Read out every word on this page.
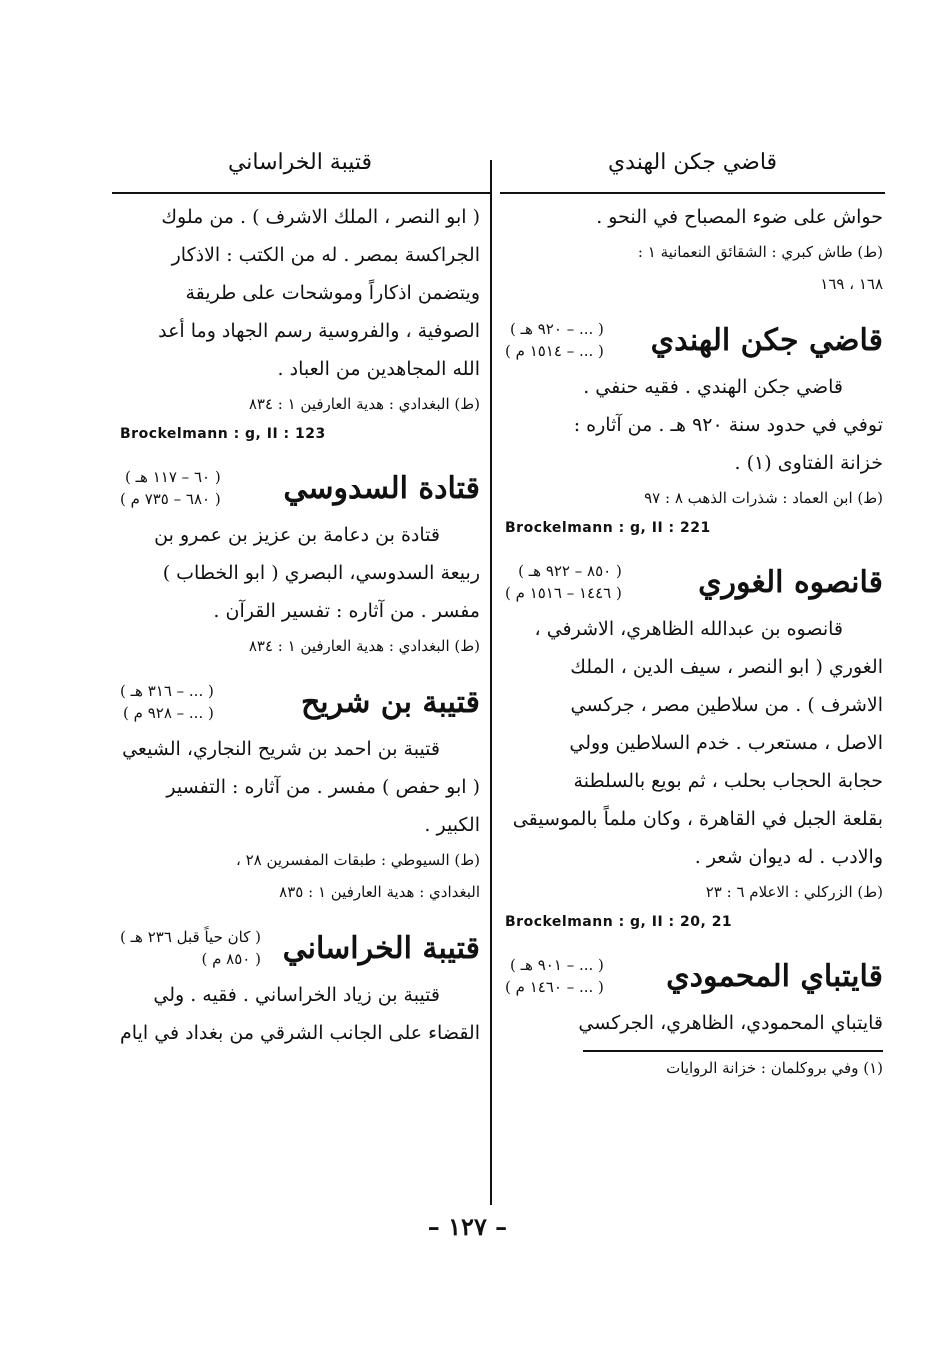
قاضي جكن الهندي
قتيبة الخراساني
حواش على ضوء المصباح في النحو .
(ط) طاش كبري : الشقائق النعمانية ١ :
١٦٨ ، ١٦٩
قاضي جكن الهندي
( ... – ٩٢٠ هـ )
( ... – ١٥١٤ م )
قاضي جكن الهندي . فقيه حنفي .
توفي في حدود سنة ٩٢٠ هـ . من آثاره :
خزانة الفتاوى (١) .
(ط) ابن العماد : شذرات الذهب ٨ : ٩٧
Brockelmann : g, II : 221
قانصوه الغوري
( ٨٥٠ – ٩٢٢ هـ )
( ١٤٤٦ – ١٥١٦ م )
قانصوه بن عبدالله الظاهري، الاشرفي ،
الغوري ( ابو النصر ، سيف الدين ، الملك
الاشرف ) . من سلاطين مصر ، جركسي
الاصل ، مستعرب . خدم السلاطين وولي
حجابة الحجاب بحلب ، ثم بويع بالسلطنة
بقلعة الجبل في القاهرة ، وكان ملماً بالموسيقى
والادب . له ديوان شعر .
(ط) الزركلي : الاعلام ٦ : ٢٣
Brockelmann : g, II : 20, 21
قايتباي المحمودي
( ... – ٩٠١ هـ )
( ... – ١٤٦٠ م )
قايتباي المحمودي، الظاهري، الجركسي
(١) وفي بروكلمان : خزانة الروايات
( ابو النصر ، الملك الاشرف ) . من ملوك
الجراكسة بمصر . له من الكتب : الاذكار
ويتضمن اذكاراً وموشحات على طريقة
الصوفية ، والفروسية رسم الجهاد وما أعد
الله المجاهدين من العباد .
(ط) البغدادي : هدية العارفين ١ : ٨٣٤
Brockelmann : g, II : 123
قتادة السدوسي
( ٦٠ – ١١٧ هـ )
( ٦٨٠ – ٧٣٥ م )
قتادة بن دعامة بن عزيز بن عمرو بن
ربيعة السدوسي، البصري ( ابو الخطاب )
مفسر . من آثاره : تفسير القرآن .
(ط) البغدادي : هدية العارفين ١ : ٨٣٤
قتيبة بن شريح
( ... – ٣١٦ هـ )
( ... – ٩٢٨ م )
قتيبة بن احمد بن شريح النجاري، الشيعي
( ابو حفص ) مفسر . من آثاره : التفسير
الكبير .
(ط) السيوطي : طبقات المفسرين ٢٨ ،
البغدادي : هدية العارفين ١ : ٨٣٥
قتيبة الخراساني
( كان حياً قبل ٢٣٦ هـ )
( ٨٥٠ م )
قتيبة بن زياد الخراساني . فقيه . ولي
القضاء على الجانب الشرقي من بغداد في ايام
– ١٢٧ –
